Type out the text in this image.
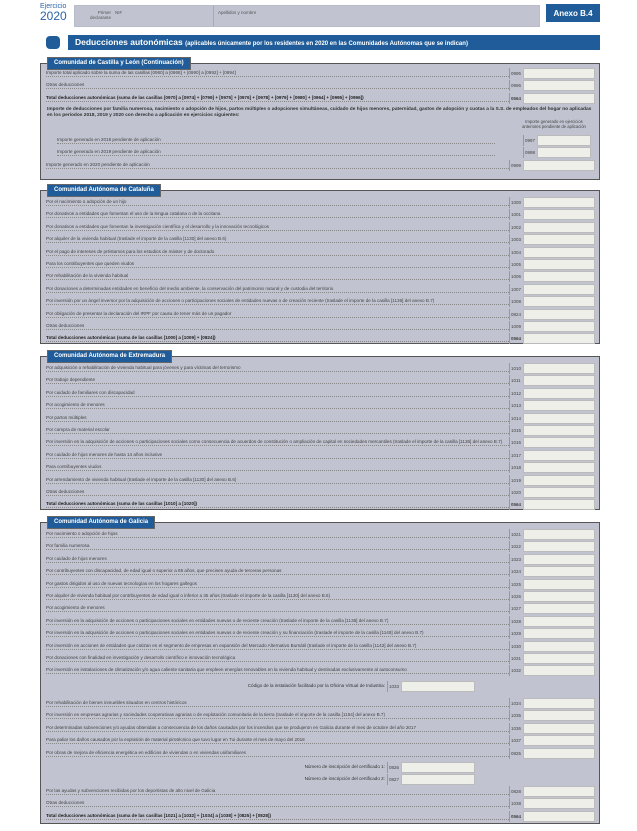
Ejercicio
2020	Primer declarante
NIF	Apellidos y nombre	Anexo B.4
Deducciones autonómicas (aplicables únicamente por los residentes en 2020 en las Comunidades Autónomas que se indican)
Comunidad de Castilla y León (Continuación)
Importe total aplicado sobre la suma de las casillas [0960] a [0968] + [0990] a [0992] + [0994]	0995
Otras deducciones	0996
Total deducciones autonómicas (suma de las casillas [0970] a [0974] + [0799] + [0975] + [0976] + [0978] + [0979] + [0980] + [0964] + [0995] + [0996])	0564
Importe de deducciones por familia numerosa, nacimiento o adopción de hijos, partos múltiples o adopciones simultáneas, cuidado de hijos menores, paternidad, gastos de adopción y cuotas a la S.S. de empleados del hogar no aplicadas en los períodos 2018, 2019 y 2020 con derecho a aplicación en ejercicios siguientes:
Importe generado en ejercicios anteriores pendiente de aplicación
Importe generado en 2018 pendiente de aplicación	0997
Importe generado en 2019 pendiente de aplicación	0998
Importe generado en 2020 pendiente de aplicación	0999
Comunidad Autónoma de Cataluña
Por el nacimiento o adopción de un hijo	1000
Por donativos a entidades que fomentan el uso de la lengua catalana o de la occitana	1001
Por donativos a entidades que fomentan la investigación científica y el desarrollo y la innovación tecnológicos	1002
Por alquiler de la vivienda habitual (traslade el importe de la casilla [1130] del anexo B.6)	1003
Por el pago de intereses de préstamos para los estudios de máster y de doctorado	1004
Para los contribuyentes que queden viudos	1005
Por rehabilitación de la vivienda habitual	1006
Por donaciones a determinadas entidades en beneficio del medio ambiente, la conservación del patrimonio natural y de custodia del territorio	1007
Por inversión por un ángel inversor por la adquisición de acciones o participaciones sociales de entidades nuevas o de creación reciente (traslade el importe de la casilla [1136] del anexo B.7)	1008
Por obligación de presentar la declaración del IRPF por causa de tener más de un pagador	0824
Otras deducciones	1009
Total deducciones autonómicas (suma de las casillas [1000] a [1009] + [0824])	0564
Comunidad Autónoma de Extremadura
Por adquisición o rehabilitación de vivienda habitual para jóvenes y para víctimas del terrorismo	1010
Por trabajo dependiente	1011
Por cuidado de familiares con discapacidad	1012
Por acogimiento de menores	1013
Por partos múltiples	1014
Por compra de material escolar	1015
Por inversión en la adquisición de acciones o participaciones sociales como consecuencia de acuerdos de constitución o ampliación de capital en sociedades mercantiles (traslade el importe de la casilla [1136] del anexo B.7)	1016
Por cuidado de hijos menores de hasta 14 años inclusive	1017
Para contribuyentes viudos	1018
Por arrendamiento de vivienda habitual (traslade el importe de la casilla [1130] del anexo B.6)	1019
Otras deducciones	1020
Total deducciones autonómicas (suma de las casillas [1010] a [1020])	0564
Comunidad Autónoma de Galicia
Por nacimiento o adopción de hijos	1021
Por familia numerosa	1022
Por cuidado de hijos menores	1023
Por contribuyentes con discapacidad, de edad igual o superior a 65 años, que precisen ayuda de terceras personas	1024
Por gastos dirigidos al uso de nuevas tecnologías en los hogares gallegos	1025
Por alquiler de vivienda habitual por contribuyentes de edad igual o inferior a 35 años (traslade el importe de la casilla [1130] del anexo B.6)	1026
Por acogimiento de menores	1027
Por inversión en la adquisición de acciones o participaciones sociales en entidades nuevas o de reciente creación (traslade el importe de la casilla [1136] del anexo B.7)	1028
Por inversión en la adquisición de acciones o participaciones sociales en entidades nuevas o de reciente creación y su financiación (traslade el importe de la casilla [1148] del anexo B.7)	1029
Por inversión en acciones de entidades que cotizan en el segmento de empresas en expansión del Mercado Alternativo Bursátil (traslade el importe de la casilla [1142] del anexo B.7)	1030
Por donaciones con finalidad en investigación y desarrollo científico e innovación tecnológica	1031
Por inversión en instalaciones de climatización y/o agua caliente sanitaria que empleen energías renovables en la vivienda habitual y destinadas exclusivamente al autoconsumo	1032
Código de la instalación facilitado por la Oficina Virtual de Industria: 1033
Por rehabilitación de bienes inmuebles situados en centros históricos	1034
Por inversión en empresas agrarias y sociedades cooperativas agrarias o de explotación comunitaria de la tierra (traslade el importe de la casilla [1154] del anexo B.7)	1035
Por determinadas subvenciones y/o ayudas obtenidas a consecuencia de los daños causados por los incendios que se produjeron en Galicia durante el mes de octubre del año 2017	1036
Para paliar los daños causados por la explosión de material pirotécnico que tuvo lugar en Tui durante el mes de mayo del 2018	1037
Por obras de mejora de eficiencia energética en edificios de viviendas o en viviendas unifamiliares	0825
Número de inscripción del certificado 1: 0826
Número de inscripción del certificado 2: 0827
Por las ayudas y subvenciones recibidas por los deportistas de alto nivel de Galicia	0828
Otras deducciones	1038
Total deducciones autonómicas (suma de las casillas [1021] a [1032] + [1034] a [1038] + [0825] + [0828])	0564
